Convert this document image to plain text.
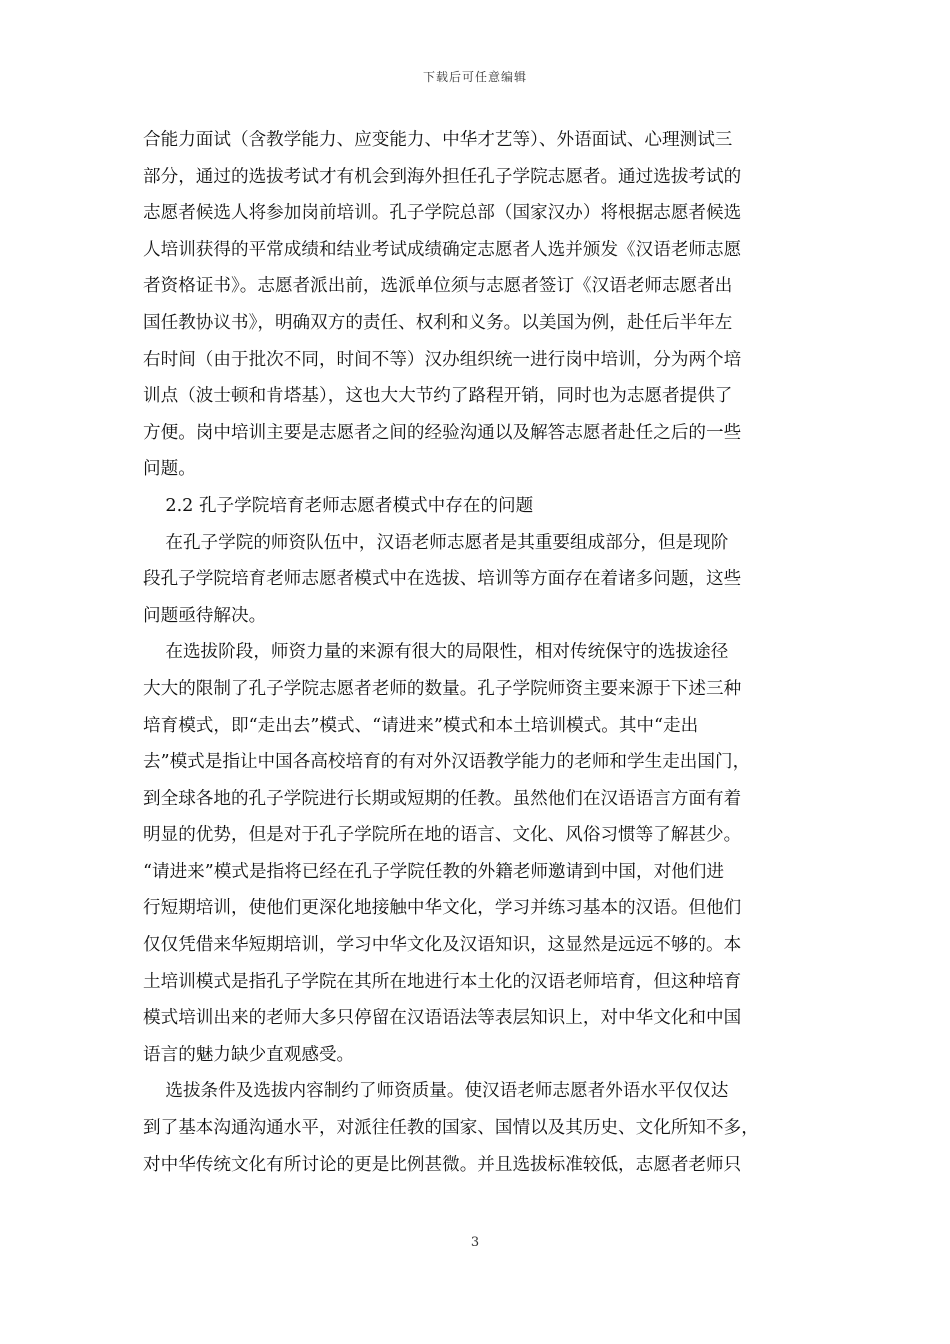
下载后可任意编辑

合能力面试（含教学能力、应变能力、中华才艺等）、外语面试、心理测试三
部分，通过的选拔考试才有机会到海外担任孔子学院志愿者。通过选拔考试的
志愿者候选人将参加岗前培训。孔子学院总部（国家汉办）将根据志愿者候选
人培训获得的平常成绩和结业考试成绩确定志愿者人选并颁发《汉语老师志愿
者资格证书》。志愿者派出前，选派单位须与志愿者签订《汉语老师志愿者出
国任教协议书》，明确双方的责任、权利和义务。以美国为例，赴任后半年左
右时间（由于批次不同，时间不等）汉办组织统一进行岗中培训，分为两个培
训点（波士顿和肯塔基），这也大大节约了路程开销，同时也为志愿者提供了
方便。岗中培训主要是志愿者之间的经验沟通以及解答志愿者赴任之后的一些
问题。

2.2 孔子学院培育老师志愿者模式中存在的问题

在孔子学院的师资队伍中，汉语老师志愿者是其重要组成部分，但是现阶
段孔子学院培育老师志愿者模式中在选拔、培训等方面存在着诸多问题，这些
问题亟待解决。

在选拔阶段，师资力量的来源有很大的局限性，相对传统保守的选拔途径
大大的限制了孔子学院志愿者老师的数量。孔子学院师资主要来源于下述三种
培育模式，即“走出去”模式、“请进来”模式和本土培训模式。其中“走出
去”模式是指让中国各高校培育的有对外汉语教学能力的老师和学生走出国门，
到全球各地的孔子学院进行长期或短期的任教。虽然他们在汉语语言方面有着
明显的优势，但是对于孔子学院所在地的语言、文化、风俗习惯等了解甚少。
“请进来”模式是指将已经在孔子学院任教的外籍老师邀请到中国，对他们进
行短期培训，使他们更深化地接触中华文化，学习并练习基本的汉语。但他们
仅仅凭借来华短期培训，学习中华文化及汉语知识，这显然是远远不够的。本
土培训模式是指孔子学院在其所在地进行本土化的汉语老师培育，但这种培育
模式培训出来的老师大多只停留在汉语语法等表层知识上，对中华文化和中国
语言的魅力缺少直观感受。

选拔条件及选拔内容制约了师资质量。使汉语老师志愿者外语水平仅仅达
到了基本沟通沟通水平，对派往任教的国家、国情以及其历史、文化所知不多，
对中华传统文化有所讨论的更是比例甚微。并且选拔标准较低，志愿者老师只

3
